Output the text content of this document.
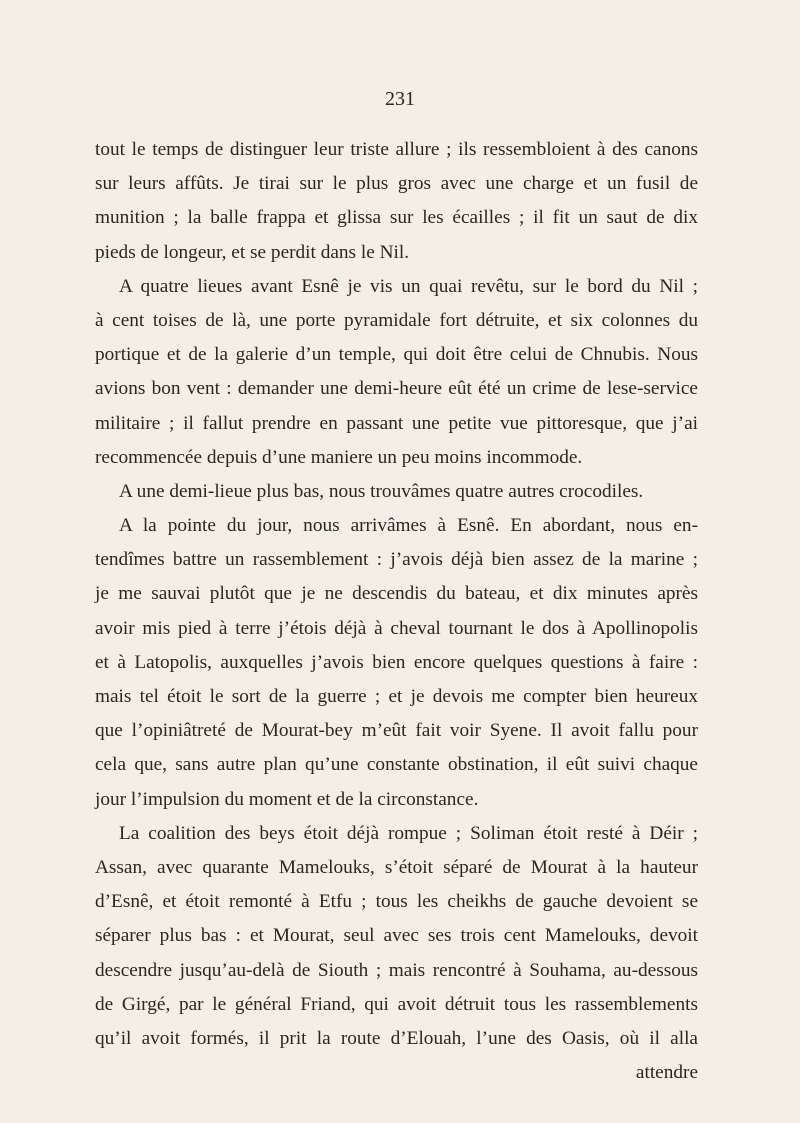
231
tout le temps de distinguer leur triste allure ; ils ressembloient à des canons
sur leurs affûts. Je tirai sur le plus gros avec une charge et un fusil de
munition ; la balle frappa et glissa sur les écailles ; il fit un saut de dix
pieds de longeur, et se perdit dans le Nil.
A quatre lieues avant Esnê je vis un quai revêtu, sur le bord du Nil ;
à cent toises de là, une porte pyramidale fort détruite, et six colonnes du
portique et de la galerie d’un temple, qui doit être celui de Chnubis. Nous
avions bon vent : demander une demi-heure eût été un crime de lese-service
militaire ; il fallut prendre en passant une petite vue pittoresque, que j’ai
recommencée depuis d’une maniere un peu moins incommode.
A une demi-lieue plus bas, nous trouvâmes quatre autres crocodiles.
A la pointe du jour, nous arrivâmes à Esnê. En abordant, nous en-
tendîmes battre un rassemblement : j’avois déjà bien assez de la marine ;
je me sauvai plutôt que je ne descendis du bateau, et dix minutes après
avoir mis pied à terre j’étois déjà à cheval tournant le dos à Apollinopolis
et à Latopolis, auxquelles j’avois bien encore quelques questions à faire :
mais tel étoit le sort de la guerre ; et je devois me compter bien heureux
que l’opiniâtreté de Mourat-bey m’eût fait voir Syene. Il avoit fallu pour
cela que, sans autre plan qu’une constante obstination, il eût suivi chaque
jour l’impulsion du moment et de la circonstance.
La coalition des beys étoit déjà rompue ; Soliman étoit resté à Déir ;
Assan, avec quarante Mamelouks, s’étoit séparé de Mourat à la hauteur
d’Esnê, et étoit remonté à Etfu ; tous les cheikhs de gauche devoient se
séparer plus bas : et Mourat, seul avec ses trois cent Mamelouks, devoit
descendre jusqu’au-delà de Siouth ; mais rencontré à Souhama, au-dessous
de Girgé, par le général Friand, qui avoit détruit tous les rassemblements
qu’il avoit formés, il prit la route d’Elouah, l’une des Oasis, où il alla
attendre
